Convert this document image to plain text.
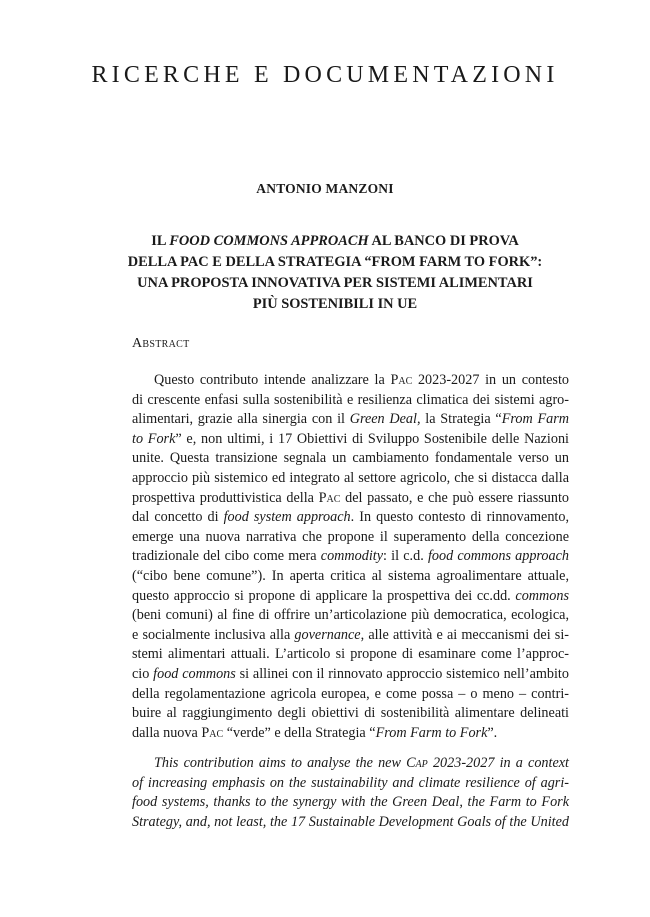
RICERCHE E DOCUMENTAZIONI
ANTONIO MANZONI
IL FOOD COMMONS APPROACH AL BANCO DI PROVA
DELLA PAC E DELLA STRATEGIA “FROM FARM TO FORK”:
UNA PROPOSTA INNOVATIVA PER SISTEMI ALIMENTARI
PIÙ SOSTENIBILI IN UE
Abstract
Questo contributo intende analizzare la Pac 2023-2027 in un contesto
di crescente enfasi sulla sostenibilità e resilienza climatica dei sistemi agro-
alimentari, grazie alla sinergia con il Green Deal, la Strategia “From Farm
to Fork” e, non ultimi, i 17 Obiettivi di Sviluppo Sostenibile delle Nazioni
unite. Questa transizione segnala un cambiamento fondamentale verso un
approccio più sistemico ed integrato al settore agricolo, che si distacca dalla
prospettiva produttivistica della Pac del passato, e che può essere riassunto
dal concetto di food system approach. In questo contesto di rinnovamento,
emerge una nuova narrativa che propone il superamento della concezione
tradizionale del cibo come mera commodity: il c.d. food commons approach
(“cibo bene comune”). In aperta critica al sistema agroalimentare attuale,
questo approccio si propone di applicare la prospettiva dei cc.dd. commons
(beni comuni) al fine di offrire un’articolazione più democratica, ecologica,
e socialmente inclusiva alla governance, alle attività e ai meccanismi dei si-
stemi alimentari attuali. L’articolo si propone di esaminare come l’approc-
cio food commons si allinei con il rinnovato approccio sistemico nell’ambito
della regolamentazione agricola europea, e come possa – o meno – contri-
buire al raggiungimento degli obiettivi di sostenibilità alimentare delineati
dalla nuova Pac “verde” e della Strategia “From Farm to Fork”.
This contribution aims to analyse the new Cap 2023-2027 in a context
of increasing emphasis on the sustainability and climate resilience of agri-
food systems, thanks to the synergy with the Green Deal, the Farm to Fork
Strategy, and, not least, the 17 Sustainable Development Goals of the United
